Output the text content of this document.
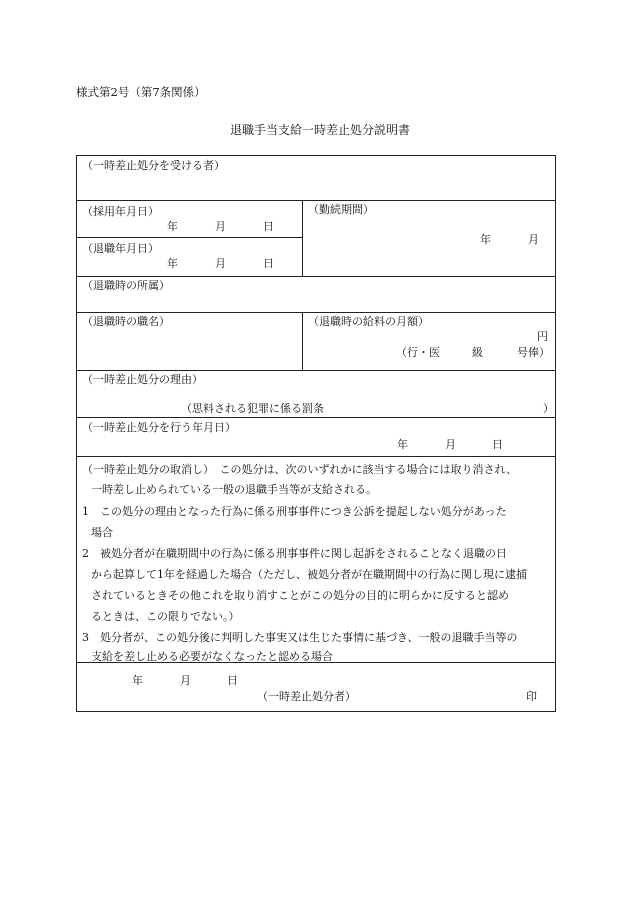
様式第2号（第7条関係）
退職手当支給一時差止処分説明書
（一時差止処分を受ける者）
（採用年月日）
年	月	日
（退職年月日）
年	月	日
（勤続期間）
年	月
（退職時の所属）
（退職時の職名）	（退職時の給料の月額）
円
（行・医	級	号俸）
（一時差止処分の理由）
（思料される犯罪に係る罰条	）
（一時差止処分を行う年月日）
年	月	日

（一時差止処分の取消し）　この処分は、次のいずれかに該当する場合には取り消され、

一時差し止められている一般の退職手当等が支給される。

1　この処分の理由となった行為に係る刑事事件につき公訴を提起しない処分があった

場合

2　被処分者が在職期間中の行為に係る刑事事件に関し起訴をされることなく退職の日

から起算して1年を経過した場合（ただし、被処分者が在職期間中の行為に関し現に逮捕

されているときその他これを取り消すことがこの処分の目的に明らかに反すると認め

るときは、この限りでない。）

3　処分者が、この処分後に判明した事実又は生じた事情に基づき、一般の退職手当等の

支給を差し止める必要がなくなったと認める場合

年	月	日
（一時差止処分者）	印
